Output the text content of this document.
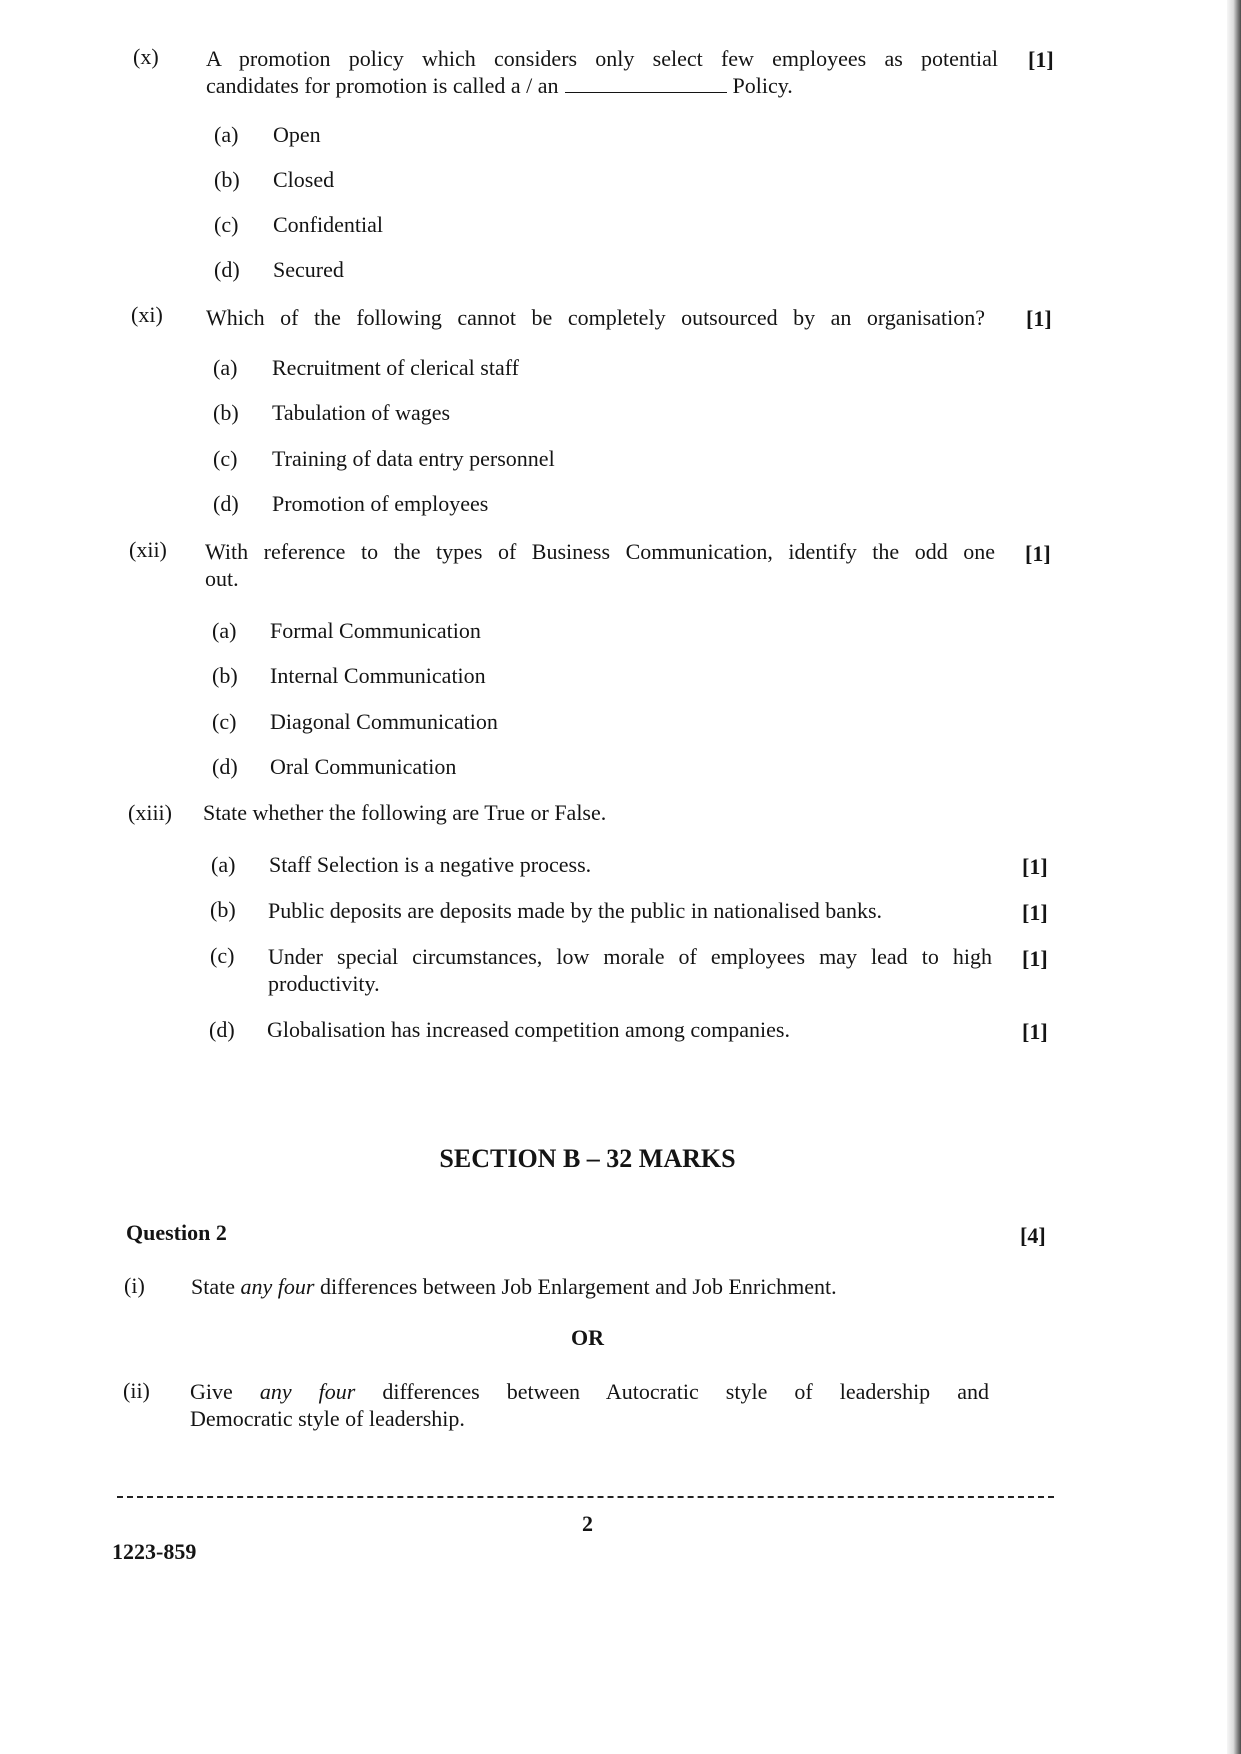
(x) A promotion policy which considers only select few employees as potential
candidates for promotion is called a / an	Policy.
[1]
(a) Open
(b) Closed
(c) Confidential
(d) Secured
(xi) Which of the following cannot be completely outsourced by an organisation? [1]
(a) Recruitment of clerical staff
(b) Tabulation of wages
(c) Training of data entry personnel
(d) Promotion of employees
(xii) With reference to the types of Business Communication, identify the odd one
out.
[1]
(a) Formal Communication
(b) Internal Communication
(c) Diagonal Communication
(d) Oral Communication
(xiii) State whether the following are True or False.
(a) Staff Selection is a negative process.	[1]
(b) Public deposits are deposits made by the public in nationalised banks.	[1]
(c) Under special circumstances, low morale of employees may lead to high
productivity.
[1]
(d) Globalisation has increased competition among companies.	[1]
SECTION B – 32 MARKS
Question 2	[4]
(i) State any four differences between Job Enlargement and Job Enrichment.
OR
(ii) Give any four differences between Autocratic style of leadership and
Democratic style of leadership.
2
1223-859
